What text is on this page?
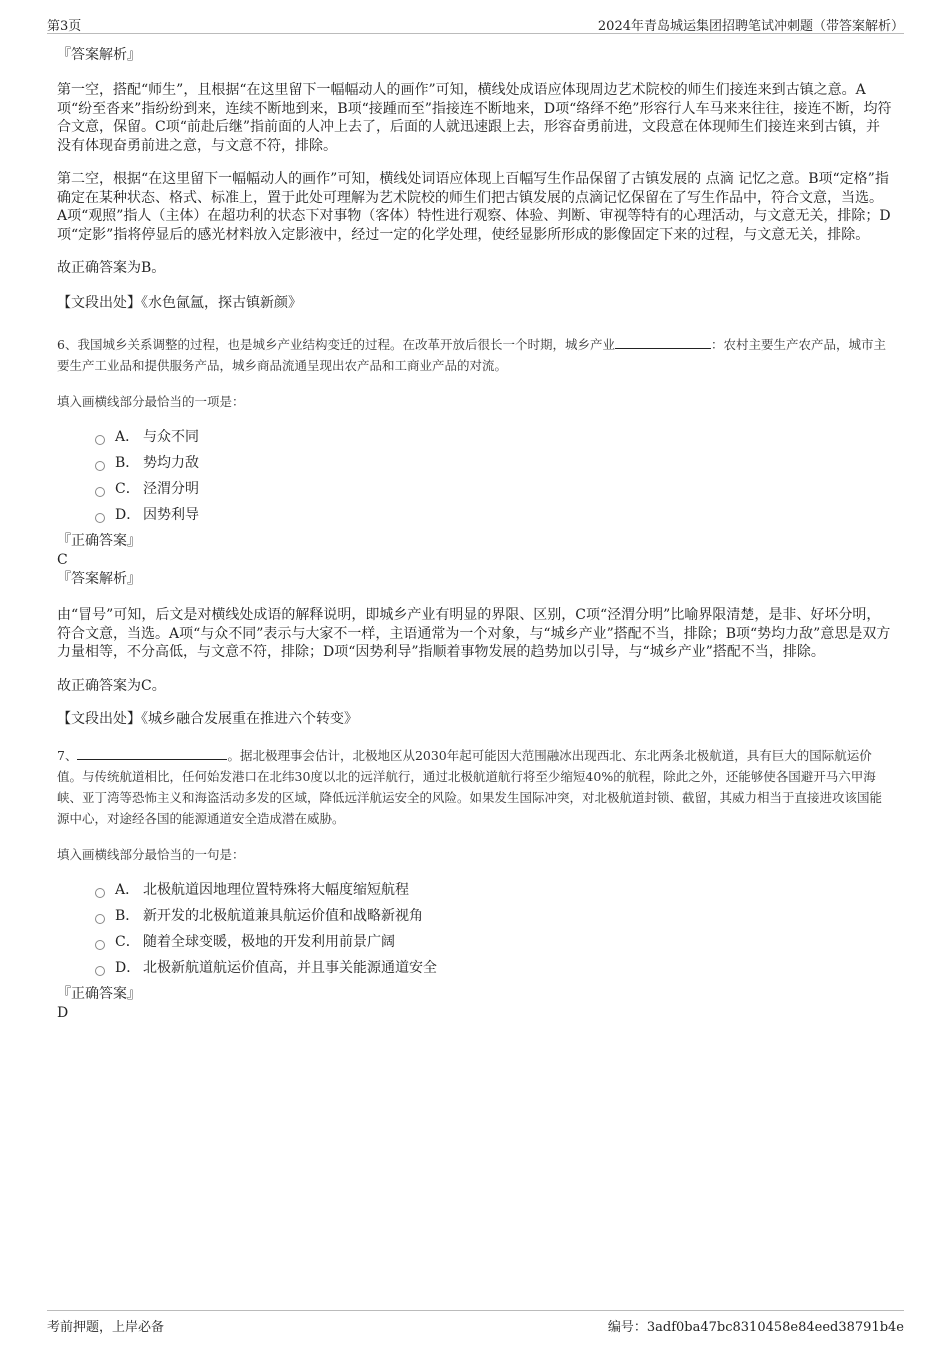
第3页	2024年青岛城运集团招聘笔试冲刺题（带答案解析）

『答案解析』

第一空，搭配“师生”，且根据“在这里留下一幅幅动人的画作”可知，横线处成语应体现周边艺术院校的师生们接连来到古镇之意。A项“纷至沓来”指纷纷到来，连续不断地到来，B项“接踵而至”指接连不断地来，D项“络绎不绝”形容行人车马来来往往，接连不断，均符合文意，保留。C项“前赴后继”指前面的人冲上去了，后面的人就迅速跟上去，形容奋勇前进，文段意在体现师生们接连来到古镇，并没有体现奋勇前进之意，与文意不符，排除。

第二空，根据“在这里留下一幅幅动人的画作”可知，横线处词语应体现上百幅写生作品保留了古镇发展的 点滴 记忆之意。B项“定格”指确定在某种状态、格式、标准上，置于此处可理解为艺术院校的师生们把古镇发展的点滴记忆保留在了写生作品中，符合文意，当选。A项“观照”指人（主体）在超功利的状态下对事物（客体）特性进行观察、体验、判断、审视等特有的心理活动，与文意无关，排除；D项“定影”指将停显后的感光材料放入定影液中，经过一定的化学处理，使经显影所形成的影像固定下来的过程，与文意无关，排除。

故正确答案为B。

【文段出处】《水色氤氲，探古镇新颜》

6、我国城乡关系调整的过程，也是城乡产业结构变迁的过程。在改革开放后很长一个时期，城乡产业	：农村主要生产农产品，城市主要生产工业品和提供服务产品，城乡商品流通呈现出农产品和工商业产品的对流。

填入画横线部分最恰当的一项是：

A． 与众不同
B． 势均力敌
C． 泾渭分明
D． 因势利导

『正确答案』

C

『答案解析』

由“冒号”可知，后文是对横线处成语的解释说明，即城乡产业有明显的界限、区别，C项“泾渭分明”比喻界限清楚，是非、好坏分明，符合文意，当选。A项“与众不同”表示与大家不一样，主语通常为一个对象，与“城乡产业”搭配不当，排除；B项“势均力敌”意思是双方力量相等，不分高低，与文意不符，排除；D项“因势利导”指顺着事物发展的趋势加以引导，与“城乡产业”搭配不当，排除。

故正确答案为C。

【文段出处】《城乡融合发展重在推进六个转变》

7、	。据北极理事会估计，北极地区从2030年起可能因大范围融冰出现西北、东北两条北极航道，具有巨大的国际航运价值。与传统航道相比，任何始发港口在北纬30度以北的远洋航行，通过北极航道航行将至少缩短40%的航程，除此之外，还能够使各国避开马六甲海峡、亚丁湾等恐怖主义和海盗活动多发的区域，降低远洋航运安全的风险。如果发生国际冲突，对北极航道封锁、截留，其威力相当于直接进攻该国能源中心，对途经各国的能源通道安全造成潜在威胁。

填入画横线部分最恰当的一句是：

A． 北极航道因地理位置特殊将大幅度缩短航程
B． 新开发的北极航道兼具航运价值和战略新视角
C． 随着全球变暖，极地的开发利用前景广阔
D． 北极新航道航运价值高，并且事关能源通道安全

『正确答案』

D

考前押题，上岸必备	编号：3adf0ba47bc8310458e84eed38791b4e
